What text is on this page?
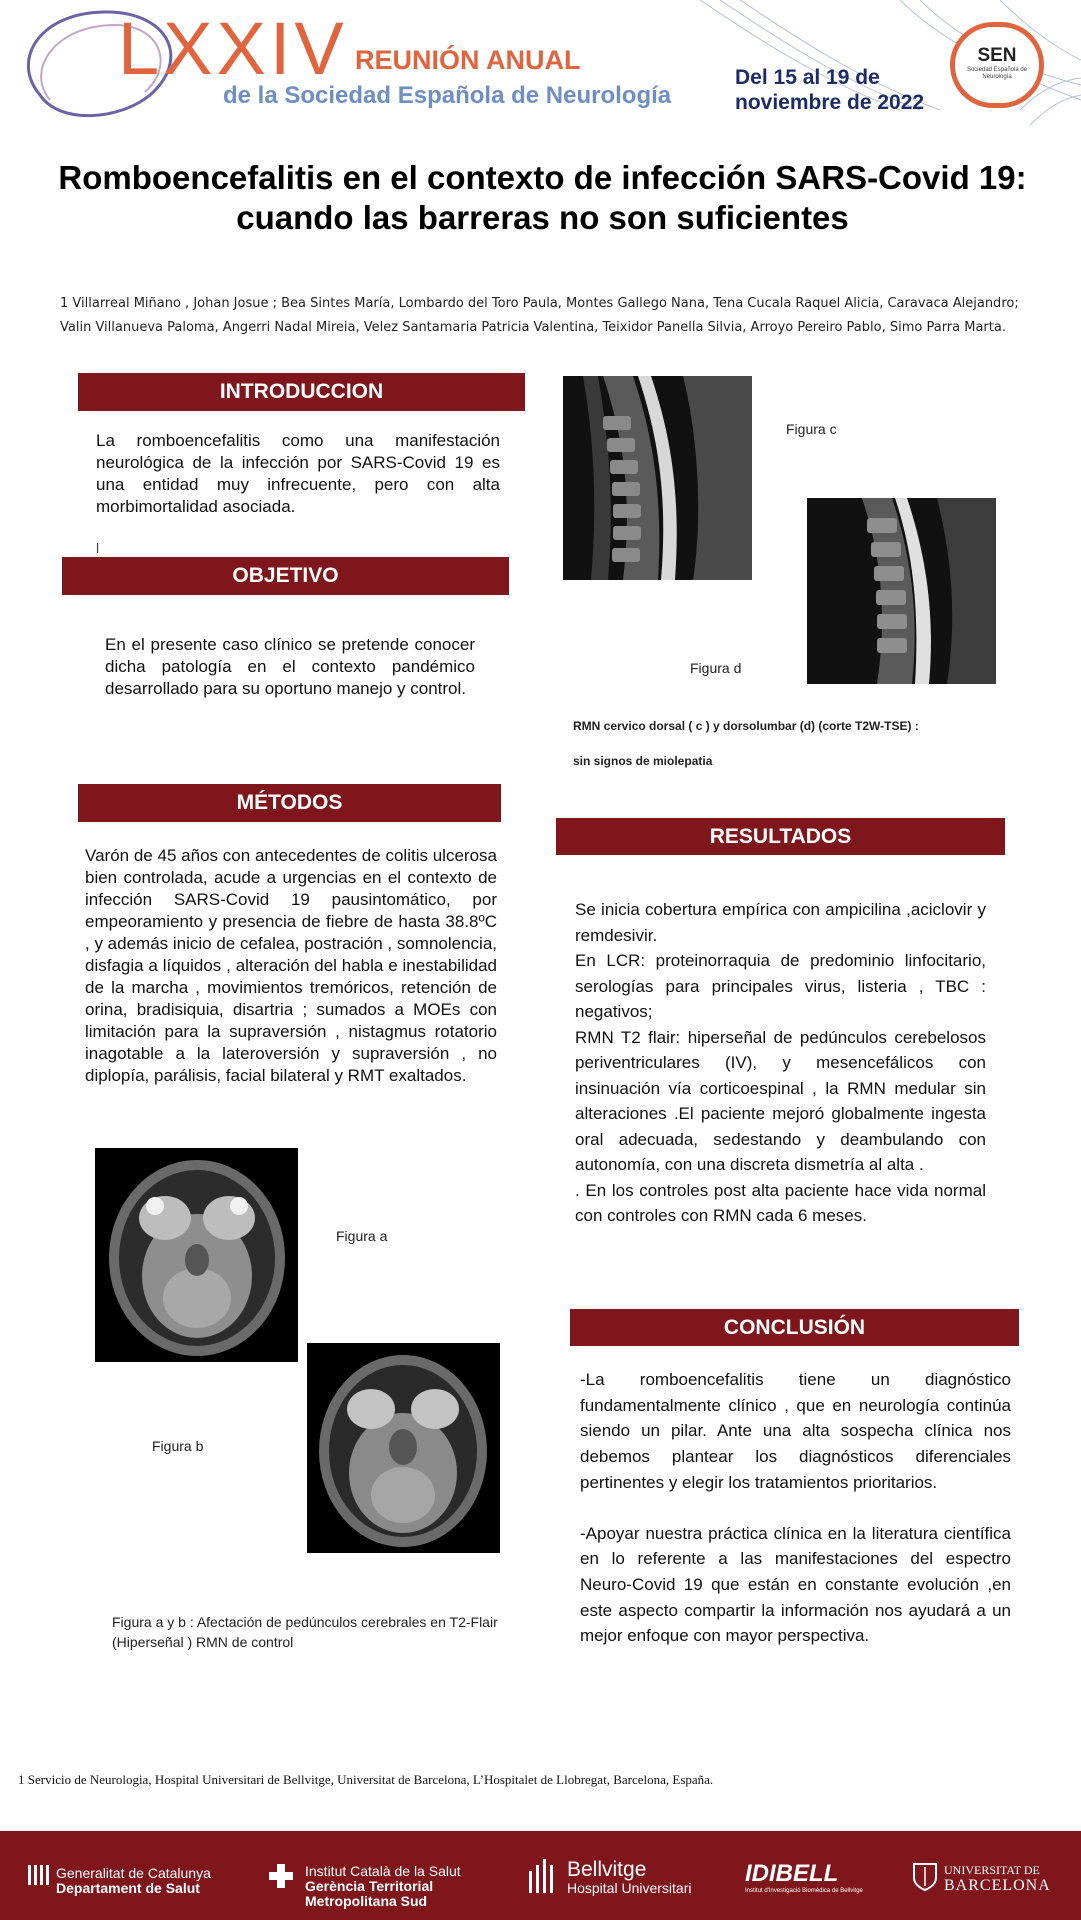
LXXIV REUNIÓN ANUAL
de la Sociedad Española de Neurología
Del 15 al 19 de
noviembre de 2022
SEN
Sociedad Española de Neurología
Romboencefalitis en el contexto de infección SARS-Covid 19:
cuando las barreras no son suficientes
1 Villarreal Miñano , Johan Josue ; Bea Sintes María, Lombardo del Toro Paula, Montes Gallego Nana, Tena Cucala Raquel Alicia, Caravaca Alejandro;
Valin Villanueva Paloma, Angerri Nadal Mireia, Velez Santamaria Patricia Valentina, Teixidor Panella Silvia, Arroyo Pereiro Pablo, Simo Parra Marta.
INTRODUCCION
La romboencefalitis como una manifestación neurológica de la infección por SARS-Covid 19 es una entidad muy infrecuente, pero con alta morbimortalidad asociada.
l
OBJETIVO
En el presente caso clínico se pretende conocer dicha patología en el contexto pandémico desarrollado para su oportuno manejo y control.
MÉTODOS
Varón de 45 años con antecedentes de colitis ulcerosa bien controlada, acude a urgencias en el contexto de infección SARS-Covid 19 pausintomático, por empeoramiento y presencia de fiebre de hasta 38.8ºC , y además inicio de cefalea, postración , somnolencia, disfagia a líquidos , alteración del habla e inestabilidad de la marcha , movimientos tremóricos, retención de orina, bradisiquia, disartria ; sumados a MOEs con limitación para la supraversión , nistagmus rotatorio inagotable a la lateroversión y supraversión , no diplopía, parálisis, facial bilateral y RMT exaltados.
Figura a
Figura b
Figura a y b : Afectación de pedúnculos cerebrales en T2-Flair (Hiperseñal ) RMN de control
Figura c
Figura d
RMN cervico dorsal ( c ) y dorsolumbar (d) (corte T2W-TSE) :
sin signos de miolepatia
RESULTADOS
Se inicia cobertura empírica con ampicilina ,aciclovir y remdesivir.
En LCR: proteinorraquia de predominio linfocitario, serologías para principales virus, listeria , TBC : negativos;
RMN T2 flair: hiperseñal de pedúnculos cerebelosos periventriculares (IV), y mesencefálicos con insinuación vía corticoespinal , la RMN medular sin alteraciones .El paciente mejoró globalmente ingesta oral adecuada, sedestando y deambulando con autonomía, con una discreta dismetría al alta .
. En los controles post alta paciente hace vida normal con controles con RMN cada 6 meses.
CONCLUSIÓN
-La romboencefalitis tiene un diagnóstico fundamentalmente clínico , que en neurología continúa siendo un pilar. Ante una alta sospecha clínica nos debemos plantear los diagnósticos diferenciales pertinentes y elegir los tratamientos prioritarios.
-Apoyar nuestra práctica clínica en la literatura científica en lo referente a las manifestaciones del espectro Neuro-Covid 19 que están en constante evolución ,en este aspecto compartir la información nos ayudará a un mejor enfoque con mayor perspectiva.
1 Servicio de Neurologia, Hospital Universitari de Bellvitge, Universitat de Barcelona, L’Hospitalet de Llobregat, Barcelona, España.
Generalitat de Catalunya
Departament de Salut
Institut Català de la Salut
Gerència Territorial
Metropolitana Sud
Bellvitge
Hospital Universitari
IDIBELL
Institut d'Investigació Biomèdica de Bellvitge
UNIVERSITAT DE
BARCELONA
